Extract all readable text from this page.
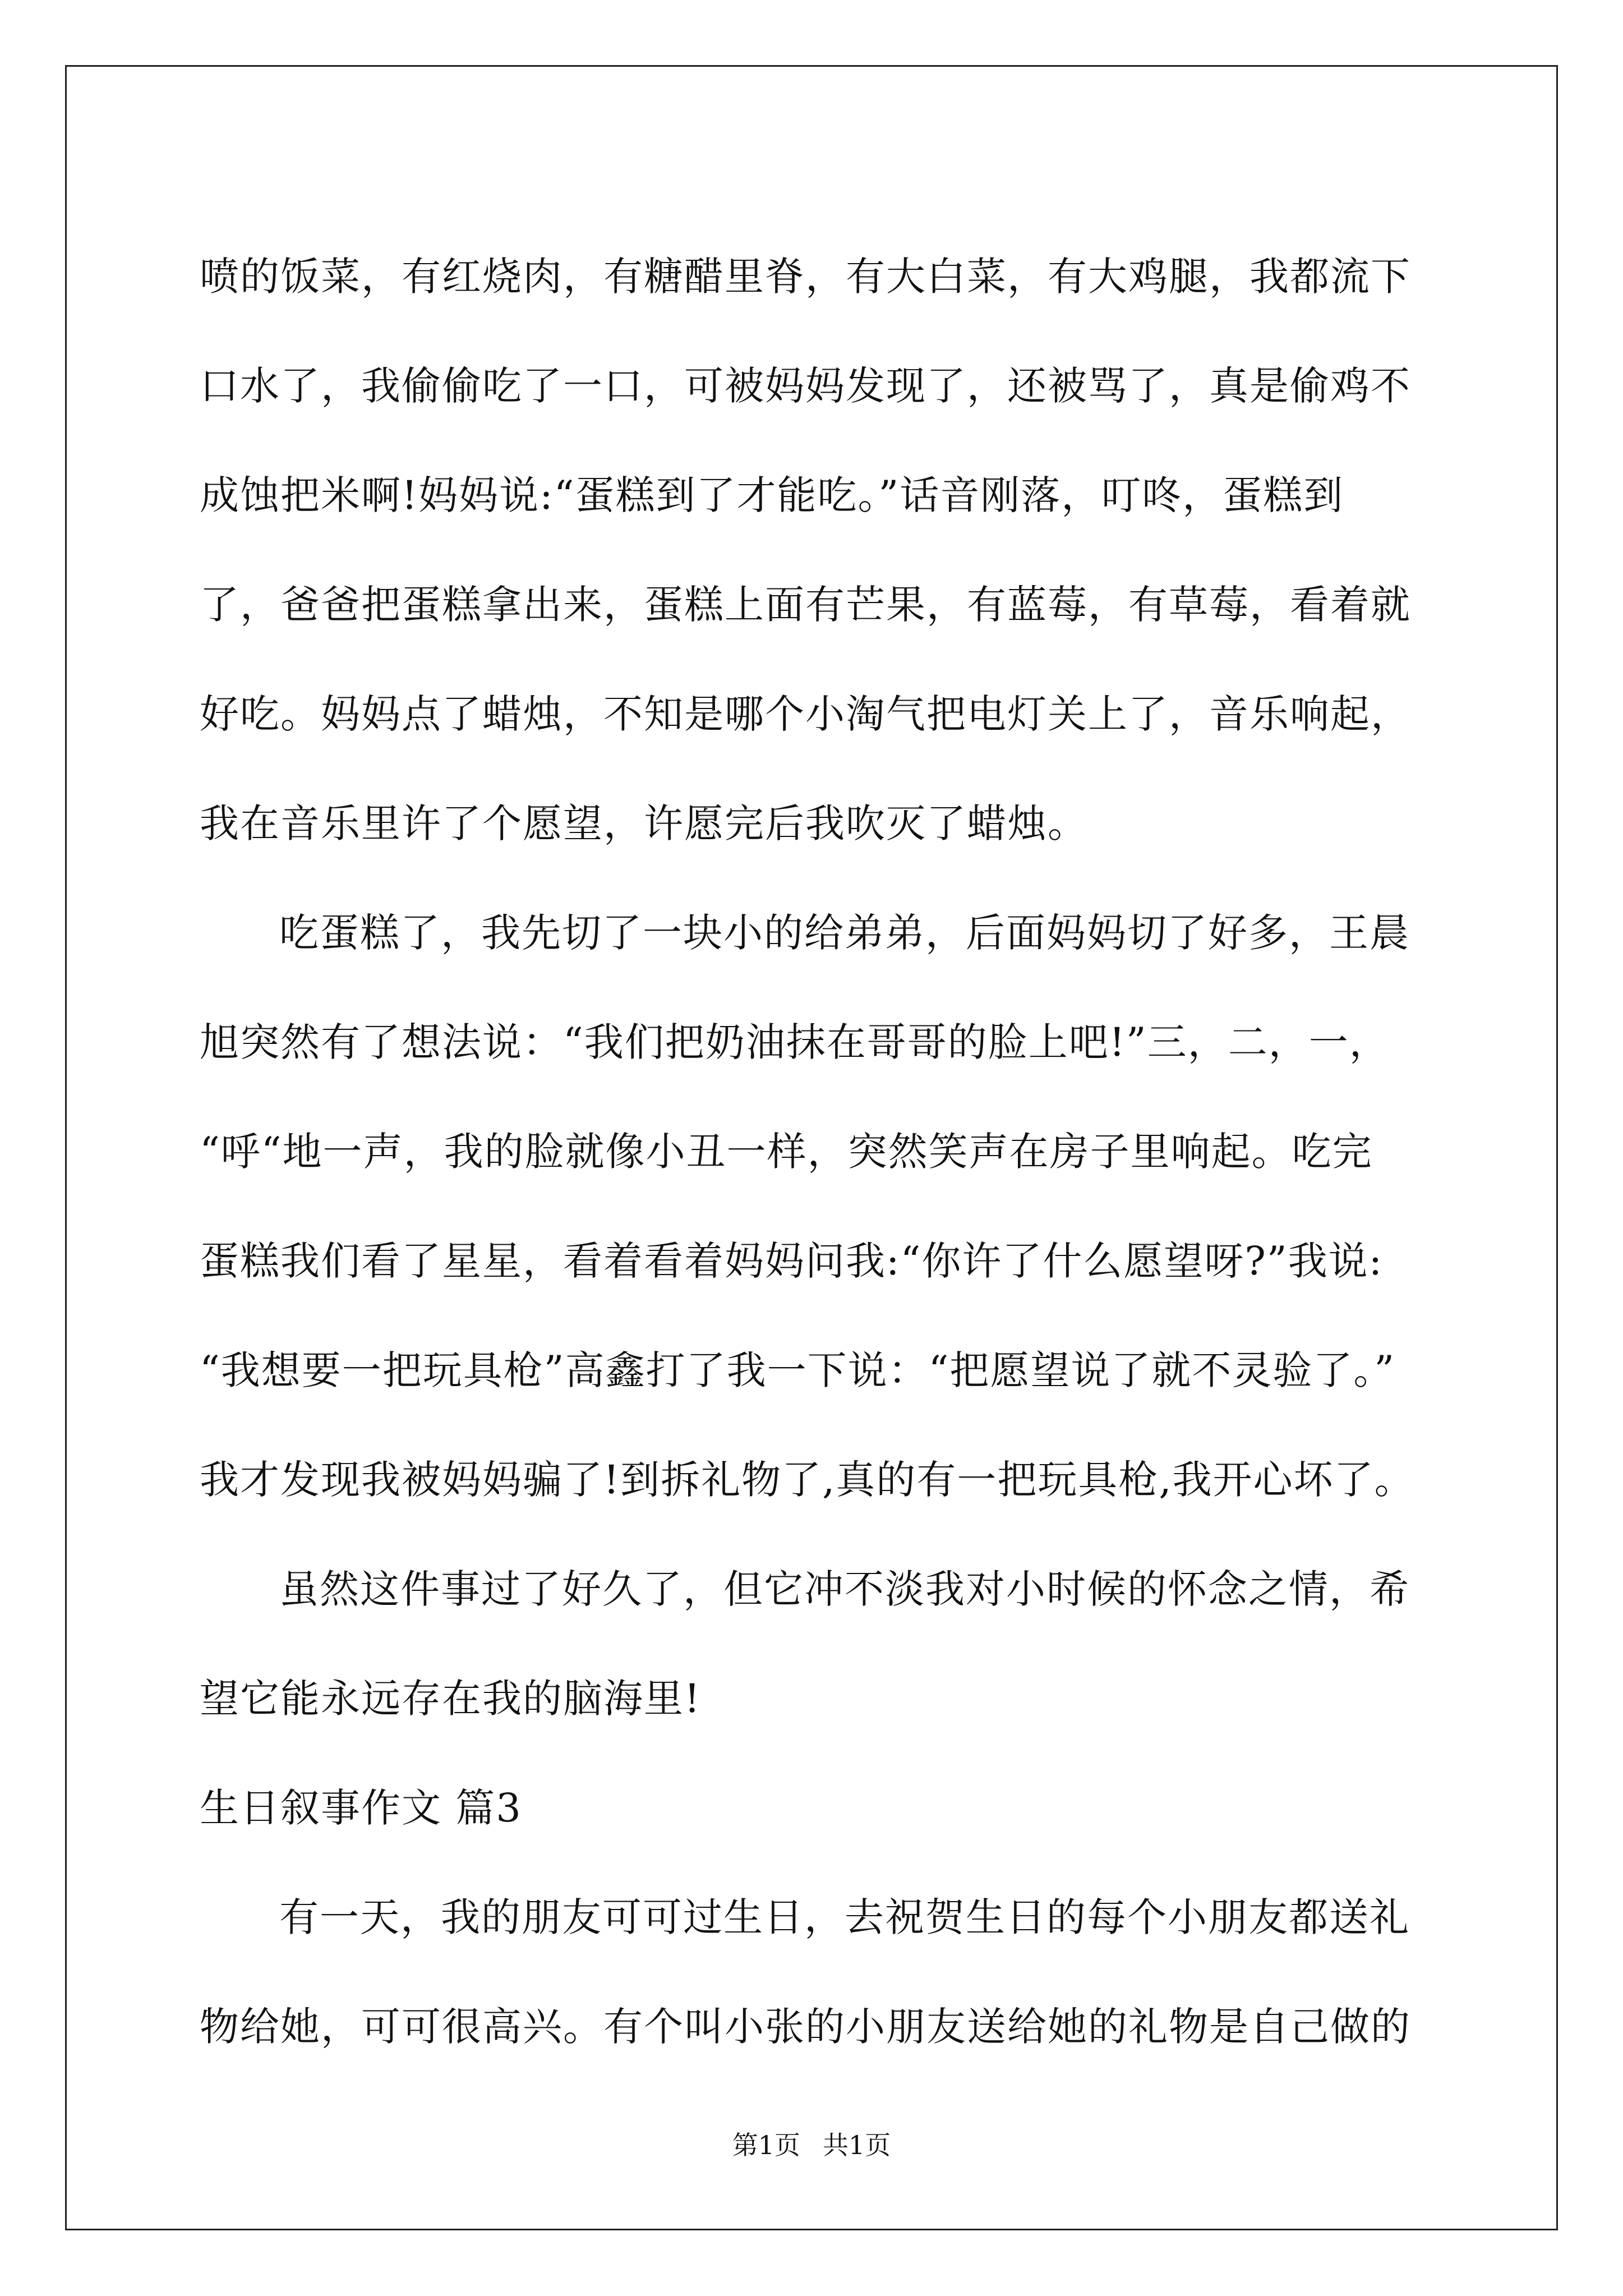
喷的饭菜，有红烧肉，有糖醋里脊，有大白菜，有大鸡腿，我都流下
口水了，我偷偷吃了一口，可被妈妈发现了，还被骂了，真是偷鸡不
成蚀把米啊!妈妈说:“蛋糕到了才能吃。”话音刚落，叮咚，蛋糕到
了，爸爸把蛋糕拿出来，蛋糕上面有芒果，有蓝莓，有草莓，看着就
好吃。妈妈点了蜡烛，不知是哪个小淘气把电灯关上了，音乐响起，
我在音乐里许了个愿望，许愿完后我吹灭了蜡烛。
吃蛋糕了，我先切了一块小的给弟弟，后面妈妈切了好多，王晨
旭突然有了想法说：“我们把奶油抹在哥哥的脸上吧!”三，二，一，
“呼“地一声，我的脸就像小丑一样，突然笑声在房子里响起。吃完
蛋糕我们看了星星，看着看着妈妈问我:“你许了什么愿望呀?”我说:
“我想要一把玩具枪”高鑫打了我一下说：“把愿望说了就不灵验了。”
我才发现我被妈妈骗了!到拆礼物了,真的有一把玩具枪,我开心坏了。
虽然这件事过了好久了，但它冲不淡我对小时候的怀念之情，希
望它能永远存在我的脑海里!
生日叙事作文 篇3
有一天，我的朋友可可过生日，去祝贺生日的每个小朋友都送礼
物给她，可可很高兴。有个叫小张的小朋友送给她的礼物是自己做的
第1页 共1页
